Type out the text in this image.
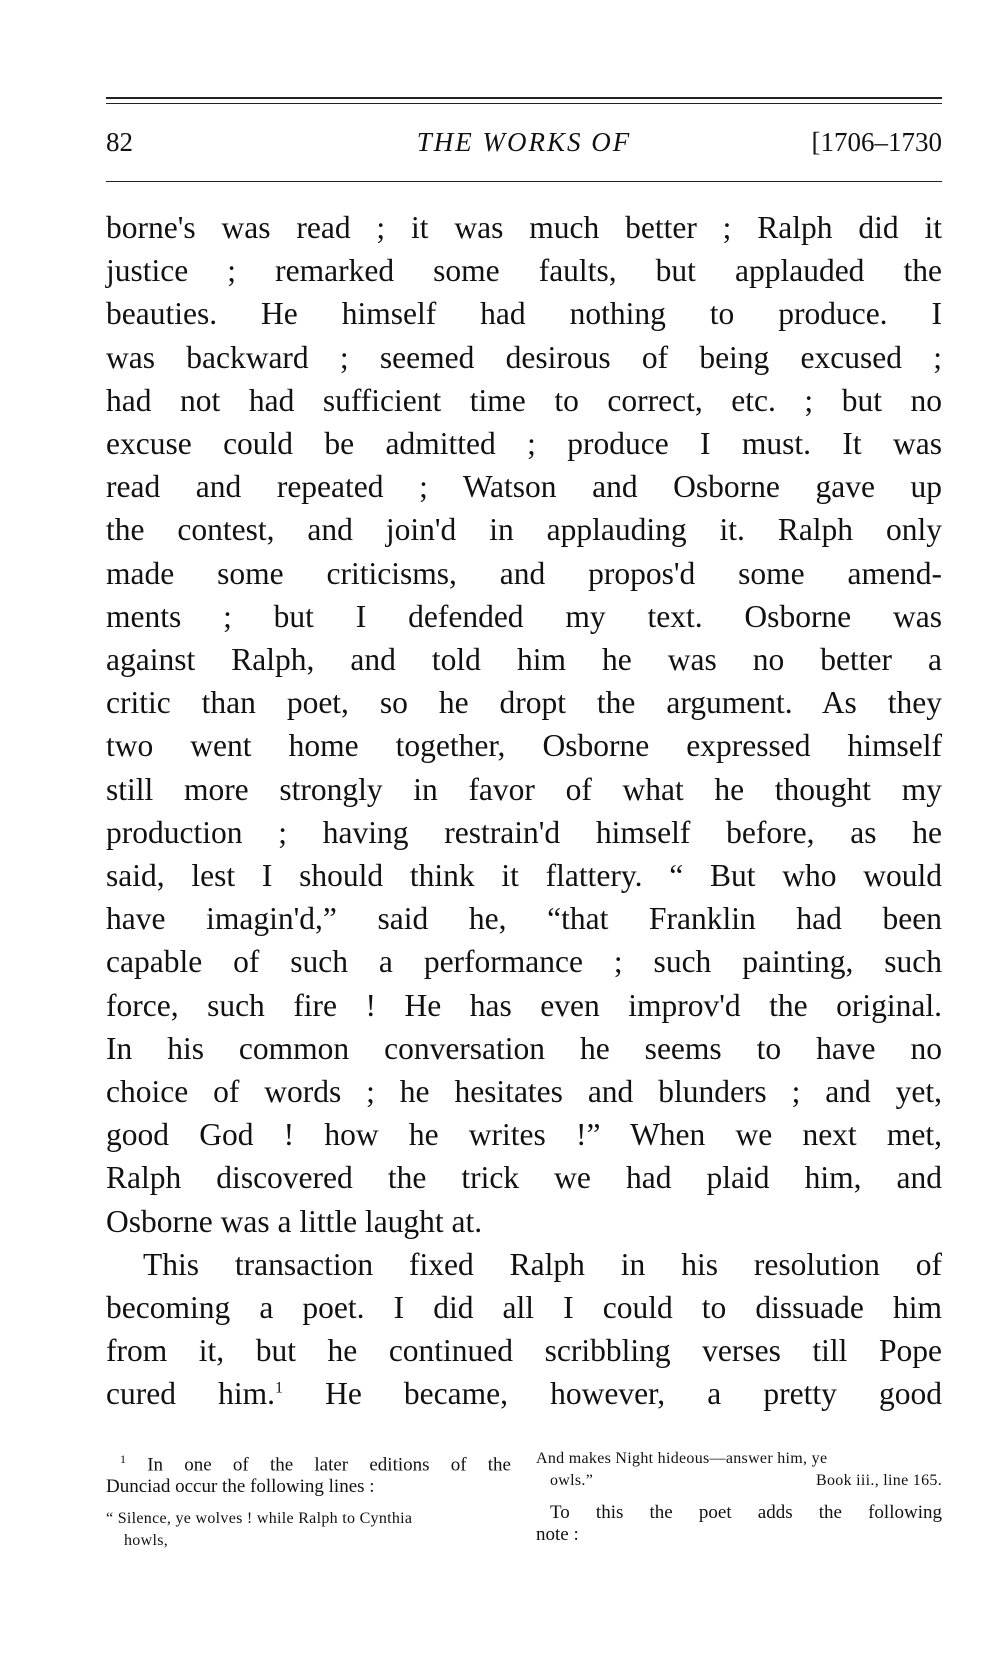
82	THE WORKS OF	[1706–1730
borne's was read ; it was much better ; Ralph did it
justice ; remarked some faults, but applauded the
beauties. He himself had nothing to produce. I
was backward ; seemed desirous of being excused ;
had not had sufficient time to correct, etc. ; but no
excuse could be admitted ; produce I must. It was
read and repeated ; Watson and Osborne gave up
the contest, and join'd in applauding it. Ralph only
made some criticisms, and propos'd some amend-
ments ; but I defended my text. Osborne was
against Ralph, and told him he was no better a
critic than poet, so he dropt the argument. As they
two went home together, Osborne expressed himself
still more strongly in favor of what he thought my
production ; having restrain'd himself before, as he
said, lest I should think it flattery. “ But who would
have imagin'd,” said he, “that Franklin had been
capable of such a performance ; such painting, such
force, such fire ! He has even improv'd the original.
In his common conversation he seems to have no
choice of words ; he hesitates and blunders ; and yet,
good God ! how he writes !” When we next met,
Ralph discovered the trick we had plaid him, and
Osborne was a little laught at.
This transaction fixed Ralph in his resolution of
becoming a poet. I did all I could to dissuade him
from it, but he continued scribbling verses till Pope
cured him.$^1$ He became, however, a pretty good
$^1$ In one of the later editions of the
Dunciad occur the following lines :
“ Silence, ye wolves ! while Ralph to Cynthia
howls,
And makes Night hideous—answer him, ye
owls.”	Book iii., line 165.
To this the poet adds the following
note :
